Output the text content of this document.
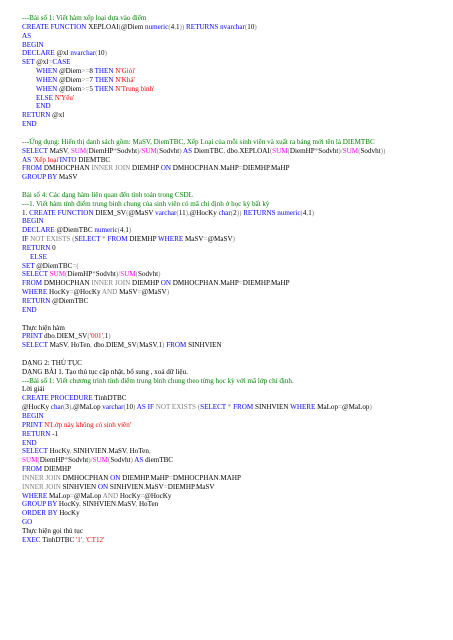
---Bài số 1: Viết hàm xếp loại dựa vào điểm
CREATE FUNCTION XEPLOAI(@Diem numeric(4,1)) RETURNS nvarchar(10)
AS
BEGIN
DECLARE @xl nvarchar(10)
SET @xl=CASE
WHEN @Diem>=8 THEN N'Giỏi'
WHEN @Diem>=7 THEN N'Khá'
WHEN @Diem>=5 THEN N'Trung bình'
ELSE N'Yếu'
END
RETURN @xl
END
---Ứng dụng: Hiển thị danh sách gồm: MaSV, DiemTBC, Xếp Loại của mỗi sinh viên và xuất ra bảng mới tên là DIEMTBC
SELECT MaSV, SUM(DiemHP*Sodvht)/SUM(Sodvht) AS DiemTBC, dbo.XEPLOAI(SUM(DiemHP*Sodvht)/SUM(Sodvht))
AS 'Xếp loại'INTO DIEMTBC
FROM DMHOCPHAN INNER JOIN DIEMHP ON DMHOCPHAN.MaHP=DIEMHP.MaHP
GROUP BY MaSV
Bài số 4: Các dạng hàm liên quan đến tính toán trong CSDL
---1. Viết hàm tính điểm trung bình chung của sinh viên có mã chỉ định ở học kỳ bất kỳ
1. CREATE FUNCTION DIEM_SV(@MaSV varchar(11),@HocKy char(2)) RETURNS numeric(4,1)
BEGIN
DECLARE @DiemTBC numeric(4,1)
IF NOT EXISTS (SELECT * FROM DIEMHP WHERE MaSV=@MaSV)
RETURN 0
ELSE
SET @DiemTBC=(
SELECT SUM(DiemHP*Sodvht)/SUM(Sodvht)
FROM DMHOCPHAN INNER JOIN DIEMHP ON DMHOCPHAN.MaHP=DIEMHP.MaHP
WHERE HocKy=@HocKy AND MaSV=@MaSV)
RETURN @DiemTBC
END
Thực hiện hàm
PRINT dbo.DIEM_SV('001',1)
SELECT MaSV, HoTen, dbo.DIEM_SV(MaSV,1) FROM SINHVIEN
DẠNG 2: THỦ TỤC
DẠNG BÀI 1. Tạo thủ tục cập nhật, bổ sung , xoá dữ liệu.
---Bài số 1: Viết chương trình tính điểm trung bình chung theo từng học kỳ với mã lớp chỉ định.
Lời giải
CREATE PROCEDURE TinhDTBC
@HocKy char(3),@MaLop varchar(10) AS IF NOT EXISTS (SELECT * FROM SINHVIEN WHERE MaLop=@MaLop)
BEGIN
PRINT N'Lớp này không có sinh viên'
RETURN -1
END
SELECT HocKy, SINHVIEN.MaSV, HoTen,
SUM(DiemHP*Sodvht)/SUM(Sodvht) AS diemTBC
FROM DIEMHP
INNER JOIN DMHOCPHAN ON DIEMHP.MaHP=DMHOCPHAN.MAHP
INNER JOIN SINHVIEN ON SINHVIEN.MaSV=DIEMHP.MaSV
WHERE MaLop=@MaLop AND HocKy=@HocKy
GROUP BY HocKy, SINHVIEN.MaSV, HoTen
ORDER BY HocKy
GO
Thực hiện gọi thủ tục
EXEC TinhDTBC '1', 'CT12'
